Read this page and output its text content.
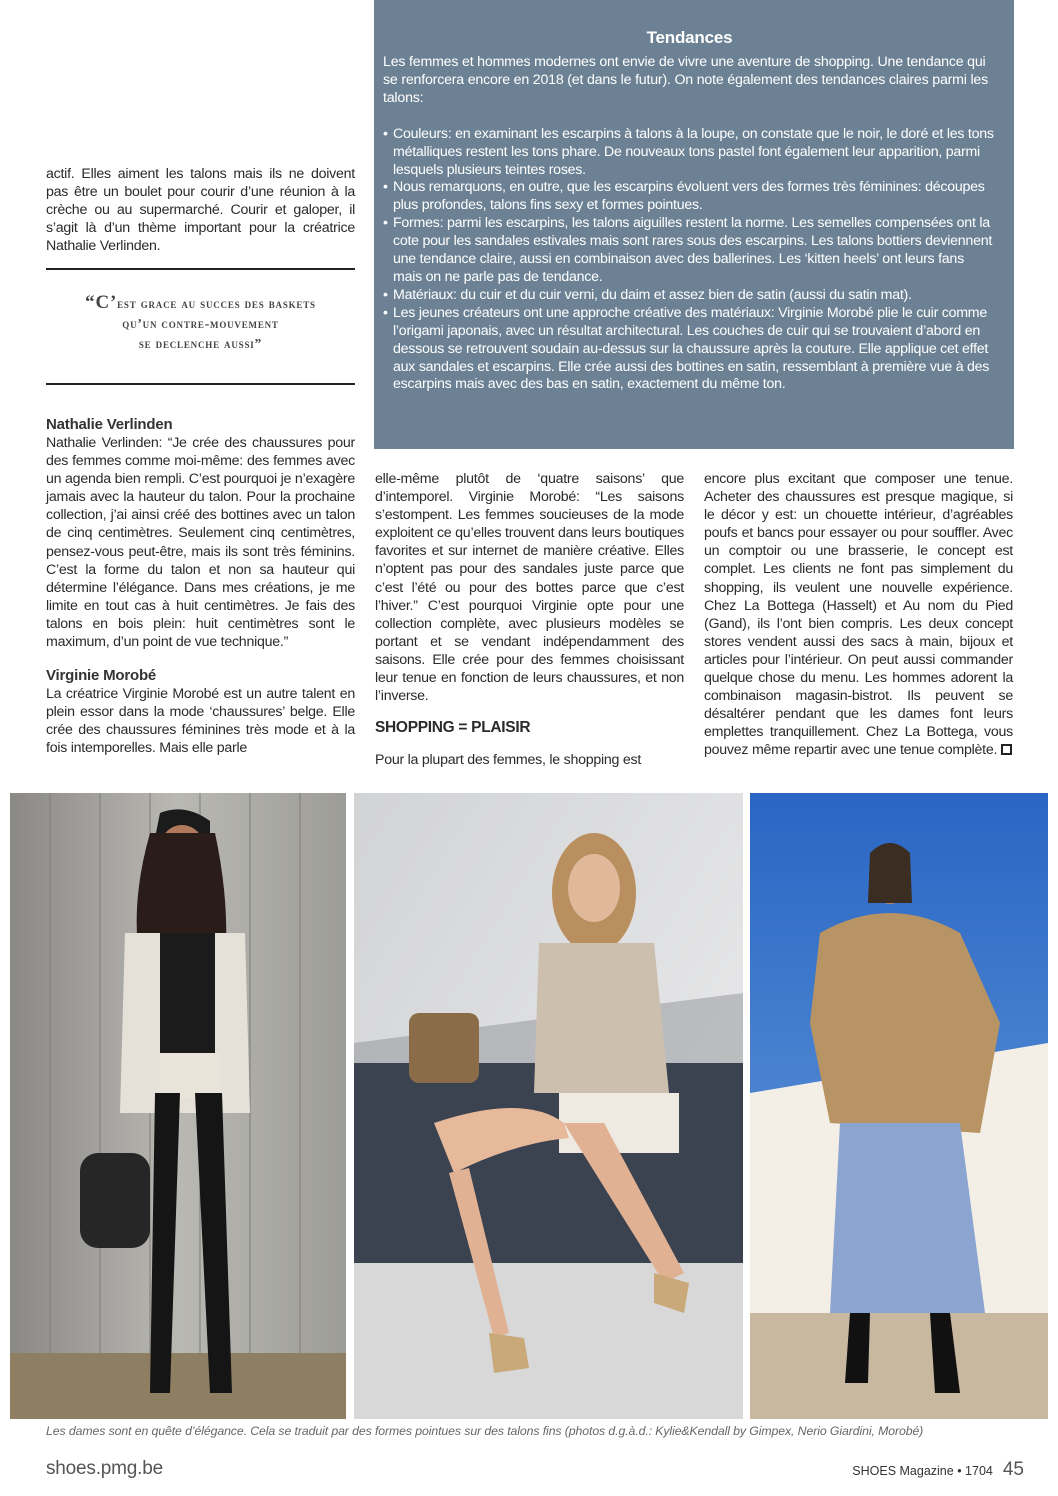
Tendances

Les femmes et hommes modernes ont envie de vivre une aventure de shopping. Une tendance qui se renforcera encore en 2018 (et dans le futur). On note également des tendances claires parmi les talons:

• Couleurs: en examinant les escarpins à talons à la loupe, on constate que le noir, le doré et les tons métalliques restent les tons phare. De nouveaux tons pastel font également leur apparition, parmi lesquels plusieurs teintes roses.
• Nous remarquons, en outre, que les escarpins évoluent vers des formes très féminines: découpes plus profondes, talons fins sexy et formes pointues.
• Formes: parmi les escarpins, les talons aiguilles restent la norme. Les semelles compensées ont la cote pour les sandales estivales mais sont rares sous des escarpins. Les talons bottiers deviennent une tendance claire, aussi en combinaison avec des ballerines. Les ‘kitten heels’ ont leurs fans mais on ne parle pas de tendance.
• Matériaux: du cuir et du cuir verni, du daim et assez bien de satin (aussi du satin mat).
• Les jeunes créateurs ont une approche créative des matériaux: Virginie Morobé plie le cuir comme l’origami japonais, avec un résultat architectural. Les couches de cuir qui se trouvaient d’abord en dessous se retrouvent soudain au-dessus sur la chaussure après la couture. Elle applique cet effet aux sandales et escarpins. Elle crée aussi des bottines en satin, ressemblant à première vue à des escarpins mais avec des bas en satin, exactement du même ton.

actif. Elles aiment les talons mais ils ne doivent pas être un boulet pour courir d’une réunion à la crèche ou au supermarché. Courir et galoper, il s’agit là d’un thème important pour la créatrice Nathalie Verlinden.

“C’est grace au succes des baskets
qu’un contre-mouvement
se declenche aussi”
Nathalie Verlinden

Nathalie Verlinden: “Je crée des chaussures pour des femmes comme moi-même: des femmes avec un agenda bien rempli. C’est pourquoi je n’exagère jamais avec la hauteur du talon. Pour la prochaine collection, j’ai ainsi créé des bottines avec un talon de cinq centimètres. Seulement cinq centimètres, pensez-vous peut-être, mais ils sont très féminins. C’est la forme du talon et non sa hauteur qui détermine l’élégance. Dans mes créations, je me limite en tout cas à huit centimètres. Je fais des talons en bois plein: huit centimètres sont le maximum, d’un point de vue technique.”

Virginie Morobé

La créatrice Virginie Morobé est un autre talent en plein essor dans la mode ‘chaussures’ belge. Elle crée des chaussures féminines très mode et à la fois intemporelles. Mais elle parle

elle-même plutôt de ‘quatre saisons’ que d’intemporel. Virginie Morobé: “Les saisons s’estompent. Les femmes soucieuses de la mode exploitent ce qu’elles trouvent dans leurs boutiques favorites et sur internet de manière créative. Elles n’optent pas pour des sandales juste parce que c’est l’été ou pour des bottes parce que c’est l’hiver.” C’est pourquoi Virginie opte pour une collection complète, avec plusieurs modèles se portant et se vendant indépendamment des saisons. Elle crée pour des femmes choisissant leur tenue en fonction de leurs chaussures, et non l’inverse.

SHOPPING = PLAISIR

Pour la plupart des femmes, le shopping est

encore plus excitant que composer une tenue. Acheter des chaussures est presque magique, si le décor y est: un chouette intérieur, d’agréables poufs et bancs pour essayer ou pour souffler. Avec un comptoir ou une brasserie, le concept est complet. Les clients ne font pas simplement du shopping, ils veulent une nouvelle expérience. Chez La Bottega (Hasselt) et Au nom du Pied (Gand), ils l’ont bien compris. Les deux concept stores vendent aussi des sacs à main, bijoux et articles pour l’intérieur. On peut aussi commander quelque chose du menu. Les hommes adorent la combinaison magasin-bistrot. Ils peuvent se désaltérer pendant que les dames font leurs emplettes tranquillement. Chez La Bottega, vous pouvez même repartir avec une tenue complète.

Les dames sont en quête d’élégance. Cela se traduit par des formes pointues sur des talons fins (photos d.g.à.d.: Kylie&Kendall by Gimpex, Nerio Giardini, Morobé)
shoes.pmg.be	SHOES Magazine • 1704 45
